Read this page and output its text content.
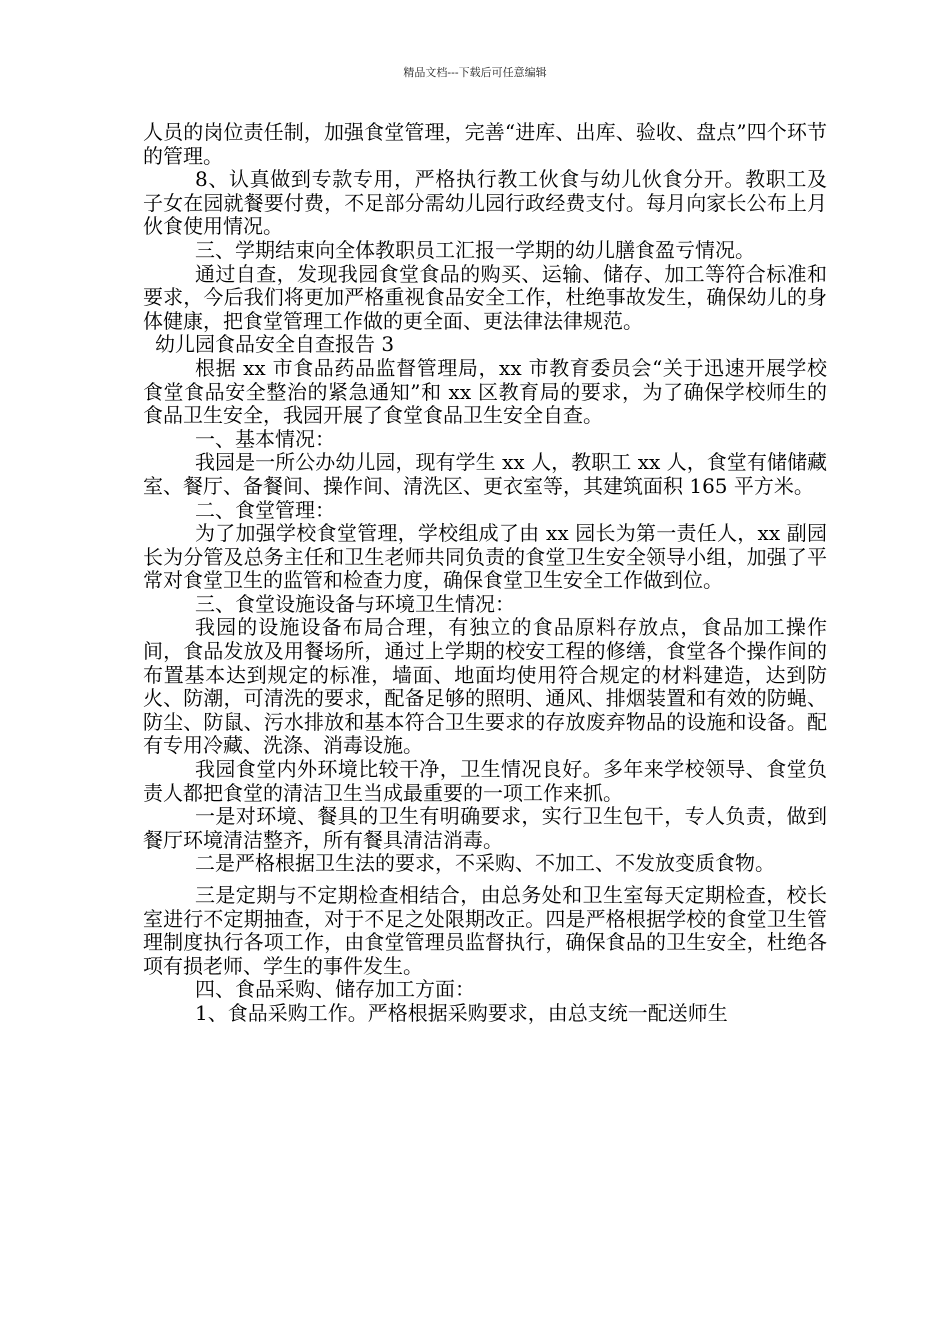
精品文档---下载后可任意编辑

人员的岗位责任制，加强食堂管理，完善“进库、出库、验收、盘点”四个环节的管理。

8、认真做到专款专用，严格执行教工伙食与幼儿伙食分开。教职工及子女在园就餐要付费，不足部分需幼儿园行政经费支付。每月向家长公布上月伙食使用情况。

三、学期结束向全体教职员工汇报一学期的幼儿膳食盈亏情况。

通过自查，发现我园食堂食品的购买、运输、储存、加工等符合标准和要求，今后我们将更加严格重视食品安全工作，杜绝事故发生，确保幼儿的身体健康，把食堂管理工作做的更全面、更法律法律规范。

幼儿园食品安全自查报告 3

根据 xx 市食品药品监督管理局，xx 市教育委员会“关于迅速开展学校食堂食品安全整治的紧急通知”和 xx 区教育局的要求，为了确保学校师生的食品卫生安全，我园开展了食堂食品卫生安全自查。

一、基本情况：

我园是一所公办幼儿园，现有学生 xx 人，教职工 xx 人，食堂有储储藏室、餐厅、备餐间、操作间、清洗区、更衣室等，其建筑面积 165 平方米。

二、食堂管理：

为了加强学校食堂管理，学校组成了由 xx 园长为第一责任人，xx 副园长为分管及总务主任和卫生老师共同负责的食堂卫生安全领导小组，加强了平常对食堂卫生的监管和检查力度，确保食堂卫生安全工作做到位。

三、食堂设施设备与环境卫生情况：

我园的设施设备布局合理，有独立的食品原料存放点，食品加工操作间，食品发放及用餐场所，通过上学期的校安工程的修缮，食堂各个操作间的布置基本达到规定的标准，墙面、地面均使用符合规定的材料建造，达到防火、防潮，可清洗的要求，配备足够的照明、通风、排烟装置和有效的防蝇、防尘、防鼠、污水排放和基本符合卫生要求的存放废弃物品的设施和设备。配有专用冷藏、洗涤、消毒设施。

我园食堂内外环境比较干净，卫生情况良好。多年来学校领导、食堂负责人都把食堂的清洁卫生当成最重要的一项工作来抓。

一是对环境、餐具的卫生有明确要求，实行卫生包干，专人负责，做到餐厅环境清洁整齐，所有餐具清洁消毒。

二是严格根据卫生法的要求，不采购、不加工、不发放变质食物。

三是定期与不定期检查相结合，由总务处和卫生室每天定期检查，校长室进行不定期抽查，对于不足之处限期改正。四是严格根据学校的食堂卫生管理制度执行各项工作，由食堂管理员监督执行，确保食品的卫生安全，杜绝各项有损老师、学生的事件发生。

四、食品采购、储存加工方面：

1、食品采购工作。严格根据采购要求，由总支统一配送师生
